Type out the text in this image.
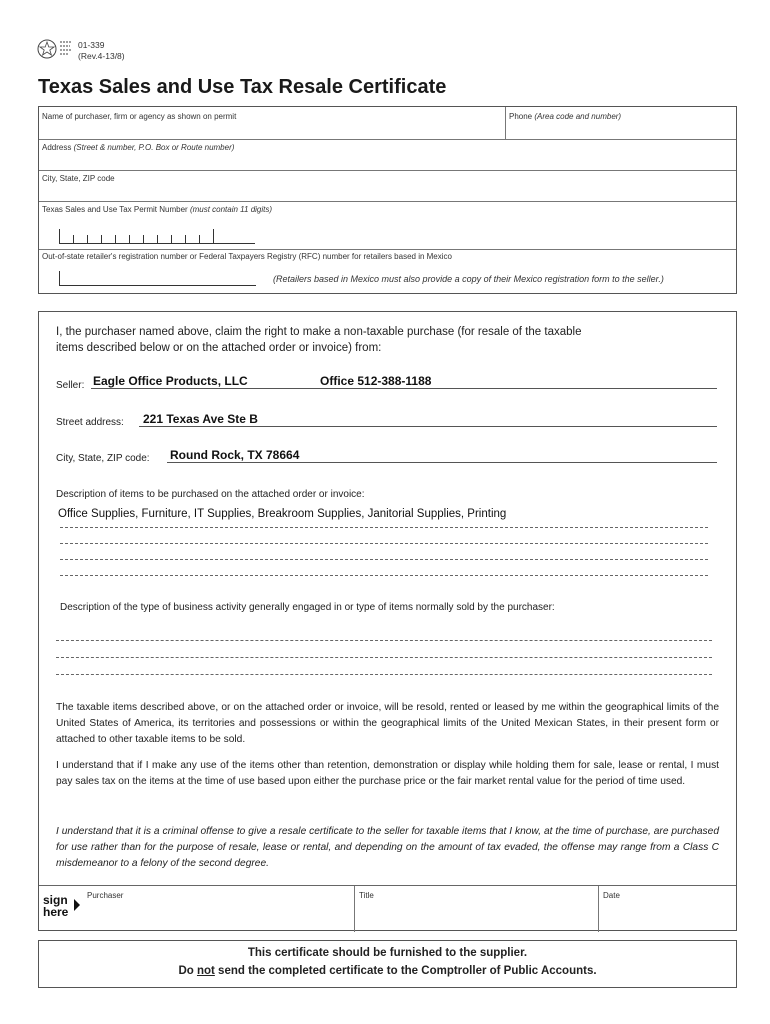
01-339
(Rev.4-13/8)
Texas Sales and Use Tax Resale Certificate
Name of purchaser, firm or agency as shown on permit	Phone (Area code and number)
Address (Street & number, P.O. Box or Route number)
City, State, ZIP code
Texas Sales and Use Tax Permit Number (must contain 11 digits)
Out-of-state retailer's registration number or Federal Taxpayers Registry (RFC) number for retailers based in Mexico
(Retailers based in Mexico must also provide a copy of their Mexico registration form to the seller.)
I, the purchaser named above, claim the right to make a non-taxable purchase (for resale of the taxable
items described below or on the attached order or invoice) from:
Seller: Eagle Office Products, LLC	Office 512-388-1188
Street address: 221 Texas Ave Ste B
City, State, ZIP code: Round Rock, TX 78664
Description of items to be purchased on the attached order or invoice:
Office Supplies, Furniture, IT Supplies, Breakroom Supplies, Janitorial Supplies, Printing
Description of the type of business activity generally engaged in or type of items normally sold by the purchaser:
The taxable items described above, or on the attached order or invoice, will be resold, rented or leased by me within the geographical limits of the United States of America, its territories and possessions or within the geographical limits of the United Mexican States, in their present form or attached to other taxable items to be sold.
I understand that if I make any use of the items other than retention, demonstration or display while holding them for sale, lease or rental, I must pay sales tax on the items at the time of use based upon either the purchase price or the fair market rental value for the period of time used.
I understand that it is a criminal offense to give a resale certificate to the seller for taxable items that I know, at the time of purchase, are purchased for use rather than for the purpose of resale, lease or rental, and depending on the amount of tax evaded, the offense may range from a Class C misdemeanor to a felony of the second degree.
sign
here
Purchaser	Title	Date
This certificate should be furnished to the supplier.
Do not send the completed certificate to the Comptroller of Public Accounts.
